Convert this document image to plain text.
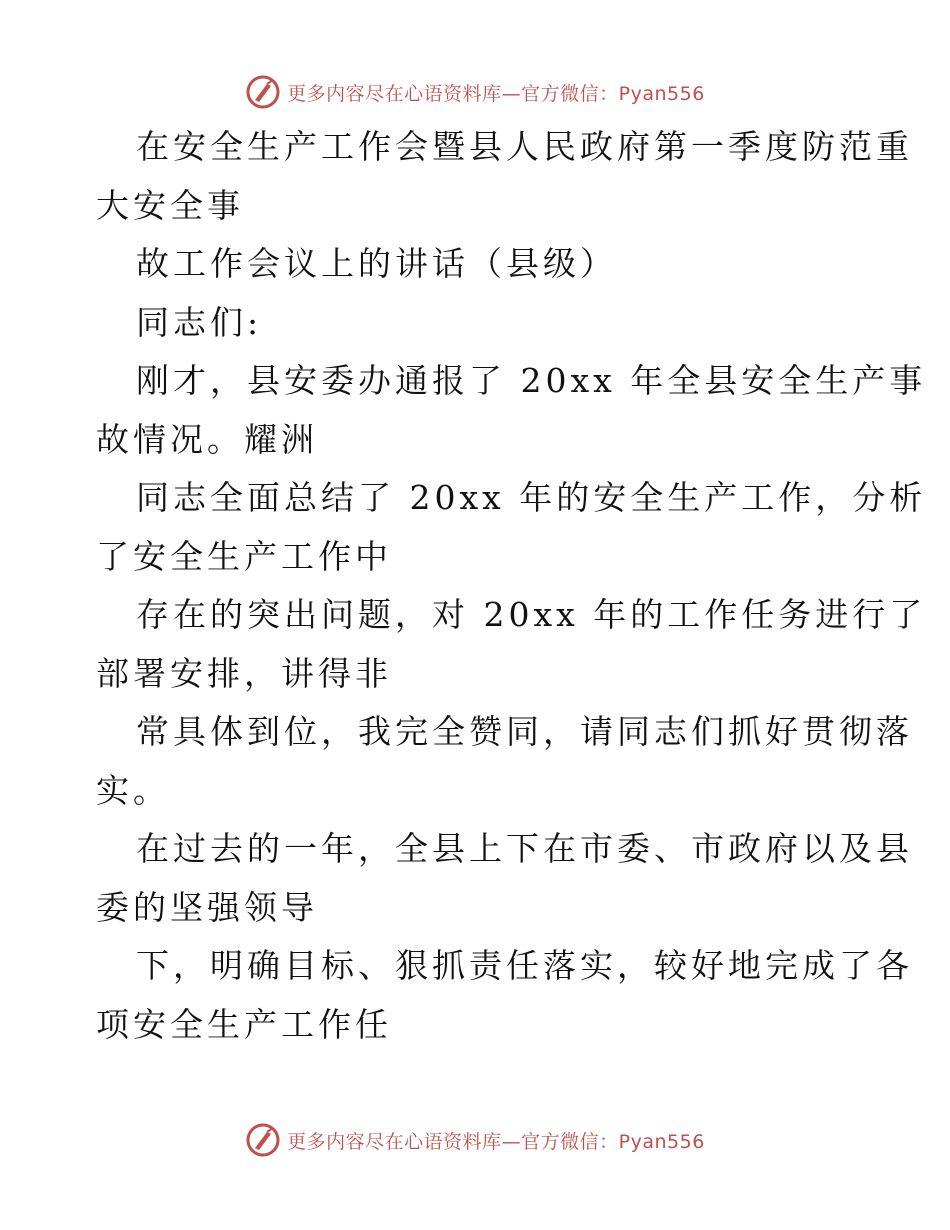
更多内容尽在心语资料库—官方微信：Pyan556
在安全生产工作会暨县人民政府第一季度防范重
大安全事
故工作会议上的讲话（县级）
同志们:
刚才，县安委办通报了 20xx 年全县安全生产事
故情况。耀洲
同志全面总结了 20xx 年的安全生产工作，分析
了安全生产工作中
存在的突出问题，对 20xx 年的工作任务进行了
部署安排，讲得非
常具体到位，我完全赞同，请同志们抓好贯彻落
实。
在过去的一年，全县上下在市委、市政府以及县
委的坚强领导
下，明确目标、狠抓责任落实，较好地完成了各
项安全生产工作任
更多内容尽在心语资料库—官方微信：Pyan556
